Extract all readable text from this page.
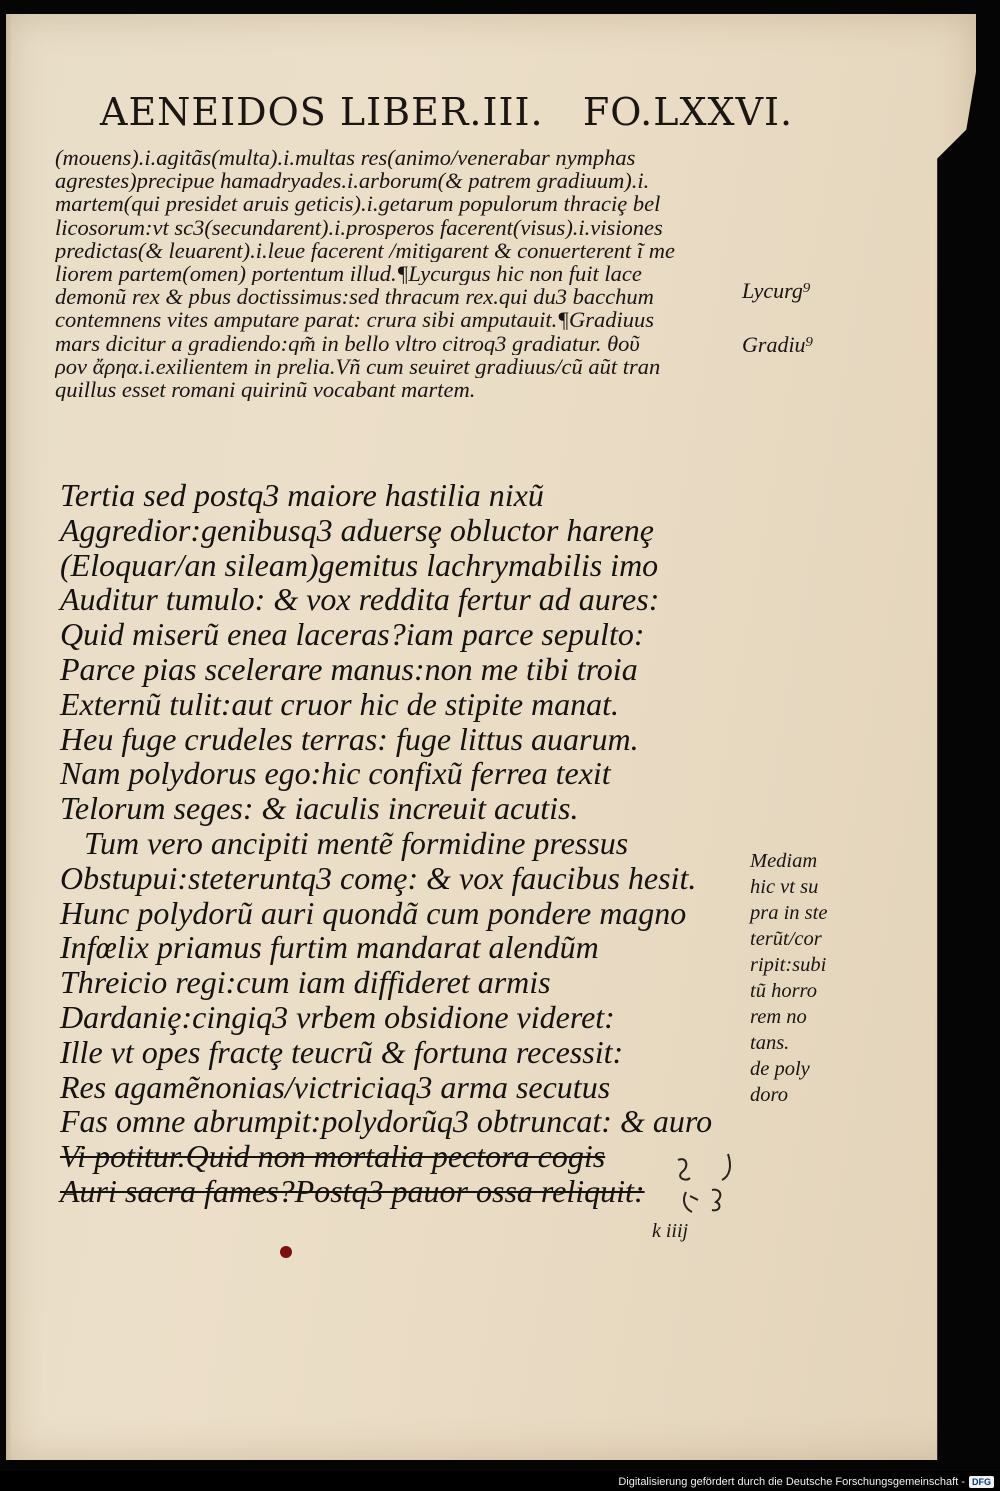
AENEIDOS LIBER.III.   FO.LXXVI.
(mouens).i.agitãs(multa).i.multas res(animo/venerabar nymphas
agrestes)precipue hamadryades.i.arborum(& patrem gradiuum).i.
martem(qui presidet aruis geticis).i.getarum populorum thraciȩ bel
licosorum:vt sc3(secundarent).i.prosperos facerent(visus).i.visiones
predictas(& leuarent).i.leue facerent /mitigarent & conuerterent ĩ me
liorem partem(omen) portentum illud.¶Lycurgus hic non fuit lace
demonũ rex & pbus doctissimus:sed thracum rex.qui du3 bacchum
contemnens vites amputare parat: crura sibi amputauit.¶Gradiuus
mars dicitur a gradiendo:qm̃ in bello vltro citroq3 gradiatur. θοῦ
ρον ἄρηα.i.exilientem in prelia.Vñ cum seuiret gradiuus/cũ aũt tran
quillus esset romani quirinũ vocabant martem.
Lycurg⁹
Gradiu⁹
Tertia sed postq3 maiore hastilia nixũ
Aggredior:genibusq3 aduersȩ obluctor harenȩ
(Eloquar/an sileam)gemitus lachrymabilis imo
Auditur tumulo: & vox reddita fertur ad aures:
Quid miserũ enea laceras?iam parce sepulto:
Parce pias scelerare manus:non me tibi troia
Externũ tulit:aut cruor hic de stipite manat.
Heu fuge crudeles terras: fuge littus auarum.
Nam polydorus ego:hic confixũ ferrea texit
Telorum seges: & iaculis increuit acutis.
Tum vero ancipiti mentẽ formidine pressus
Obstupui:steteruntq3 comȩ: & vox faucibus hesit.
Hunc polydorũ auri quondã cum pondere magno
Infœlix priamus furtim mandarat alendũm
Threicio regi:cum iam diffideret armis
Dardaniȩ:cingiq3 vrbem obsidione videret:
Ille vt opes fractȩ teucrũ & fortuna recessit:
Res agamẽnonias/victriciaq3 arma secutus
Fas omne abrumpit:polydorũq3 obtruncat: & auro
Vi potitur.Quid non mortalia pectora cogis
Auri sacra fames?Postq3 pauor ossa reliquit:
Mediam
hic vt su
pra in ste
terũt/cor
ripit:subi
tũ horro
rem no
tans.
de poly
doro
k iiij
Digitalisierung gefördert durch die Deutsche Forschungsgemeinschaft - DFG
